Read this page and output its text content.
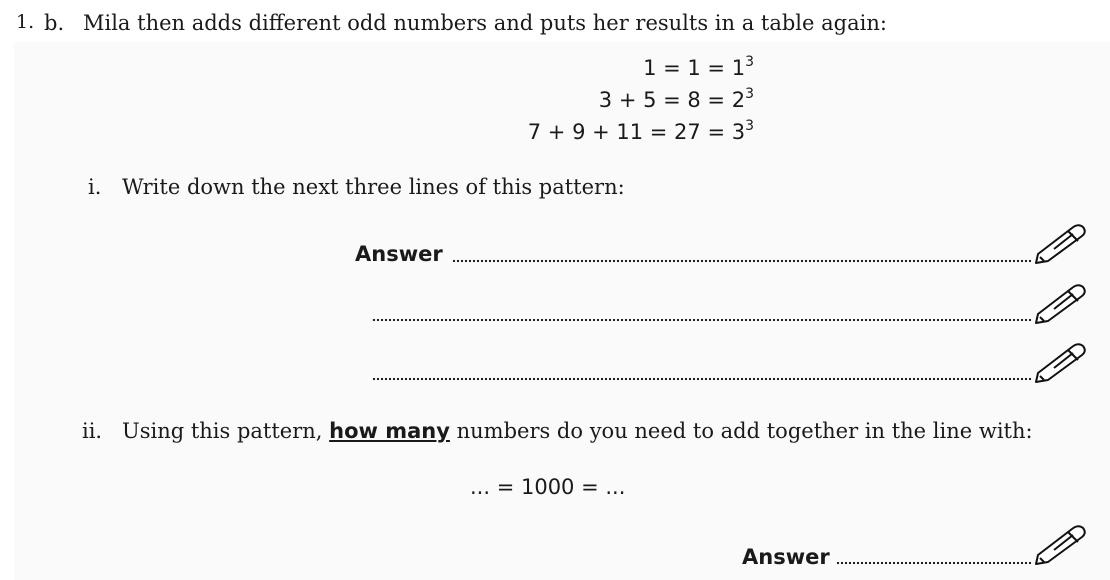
1. b. Mila then adds different odd numbers and puts her results in a table again:
$1 = 1 = 1^3$
$3 + 5 = 8 = 2^3$
$7 + 9 + 11 = 27 = 3^3$
i. Write down the next three lines of this pattern:
Answer
ii. Using this pattern, how many numbers do you need to add together in the line with:
... = 1000 = ...
Answer
